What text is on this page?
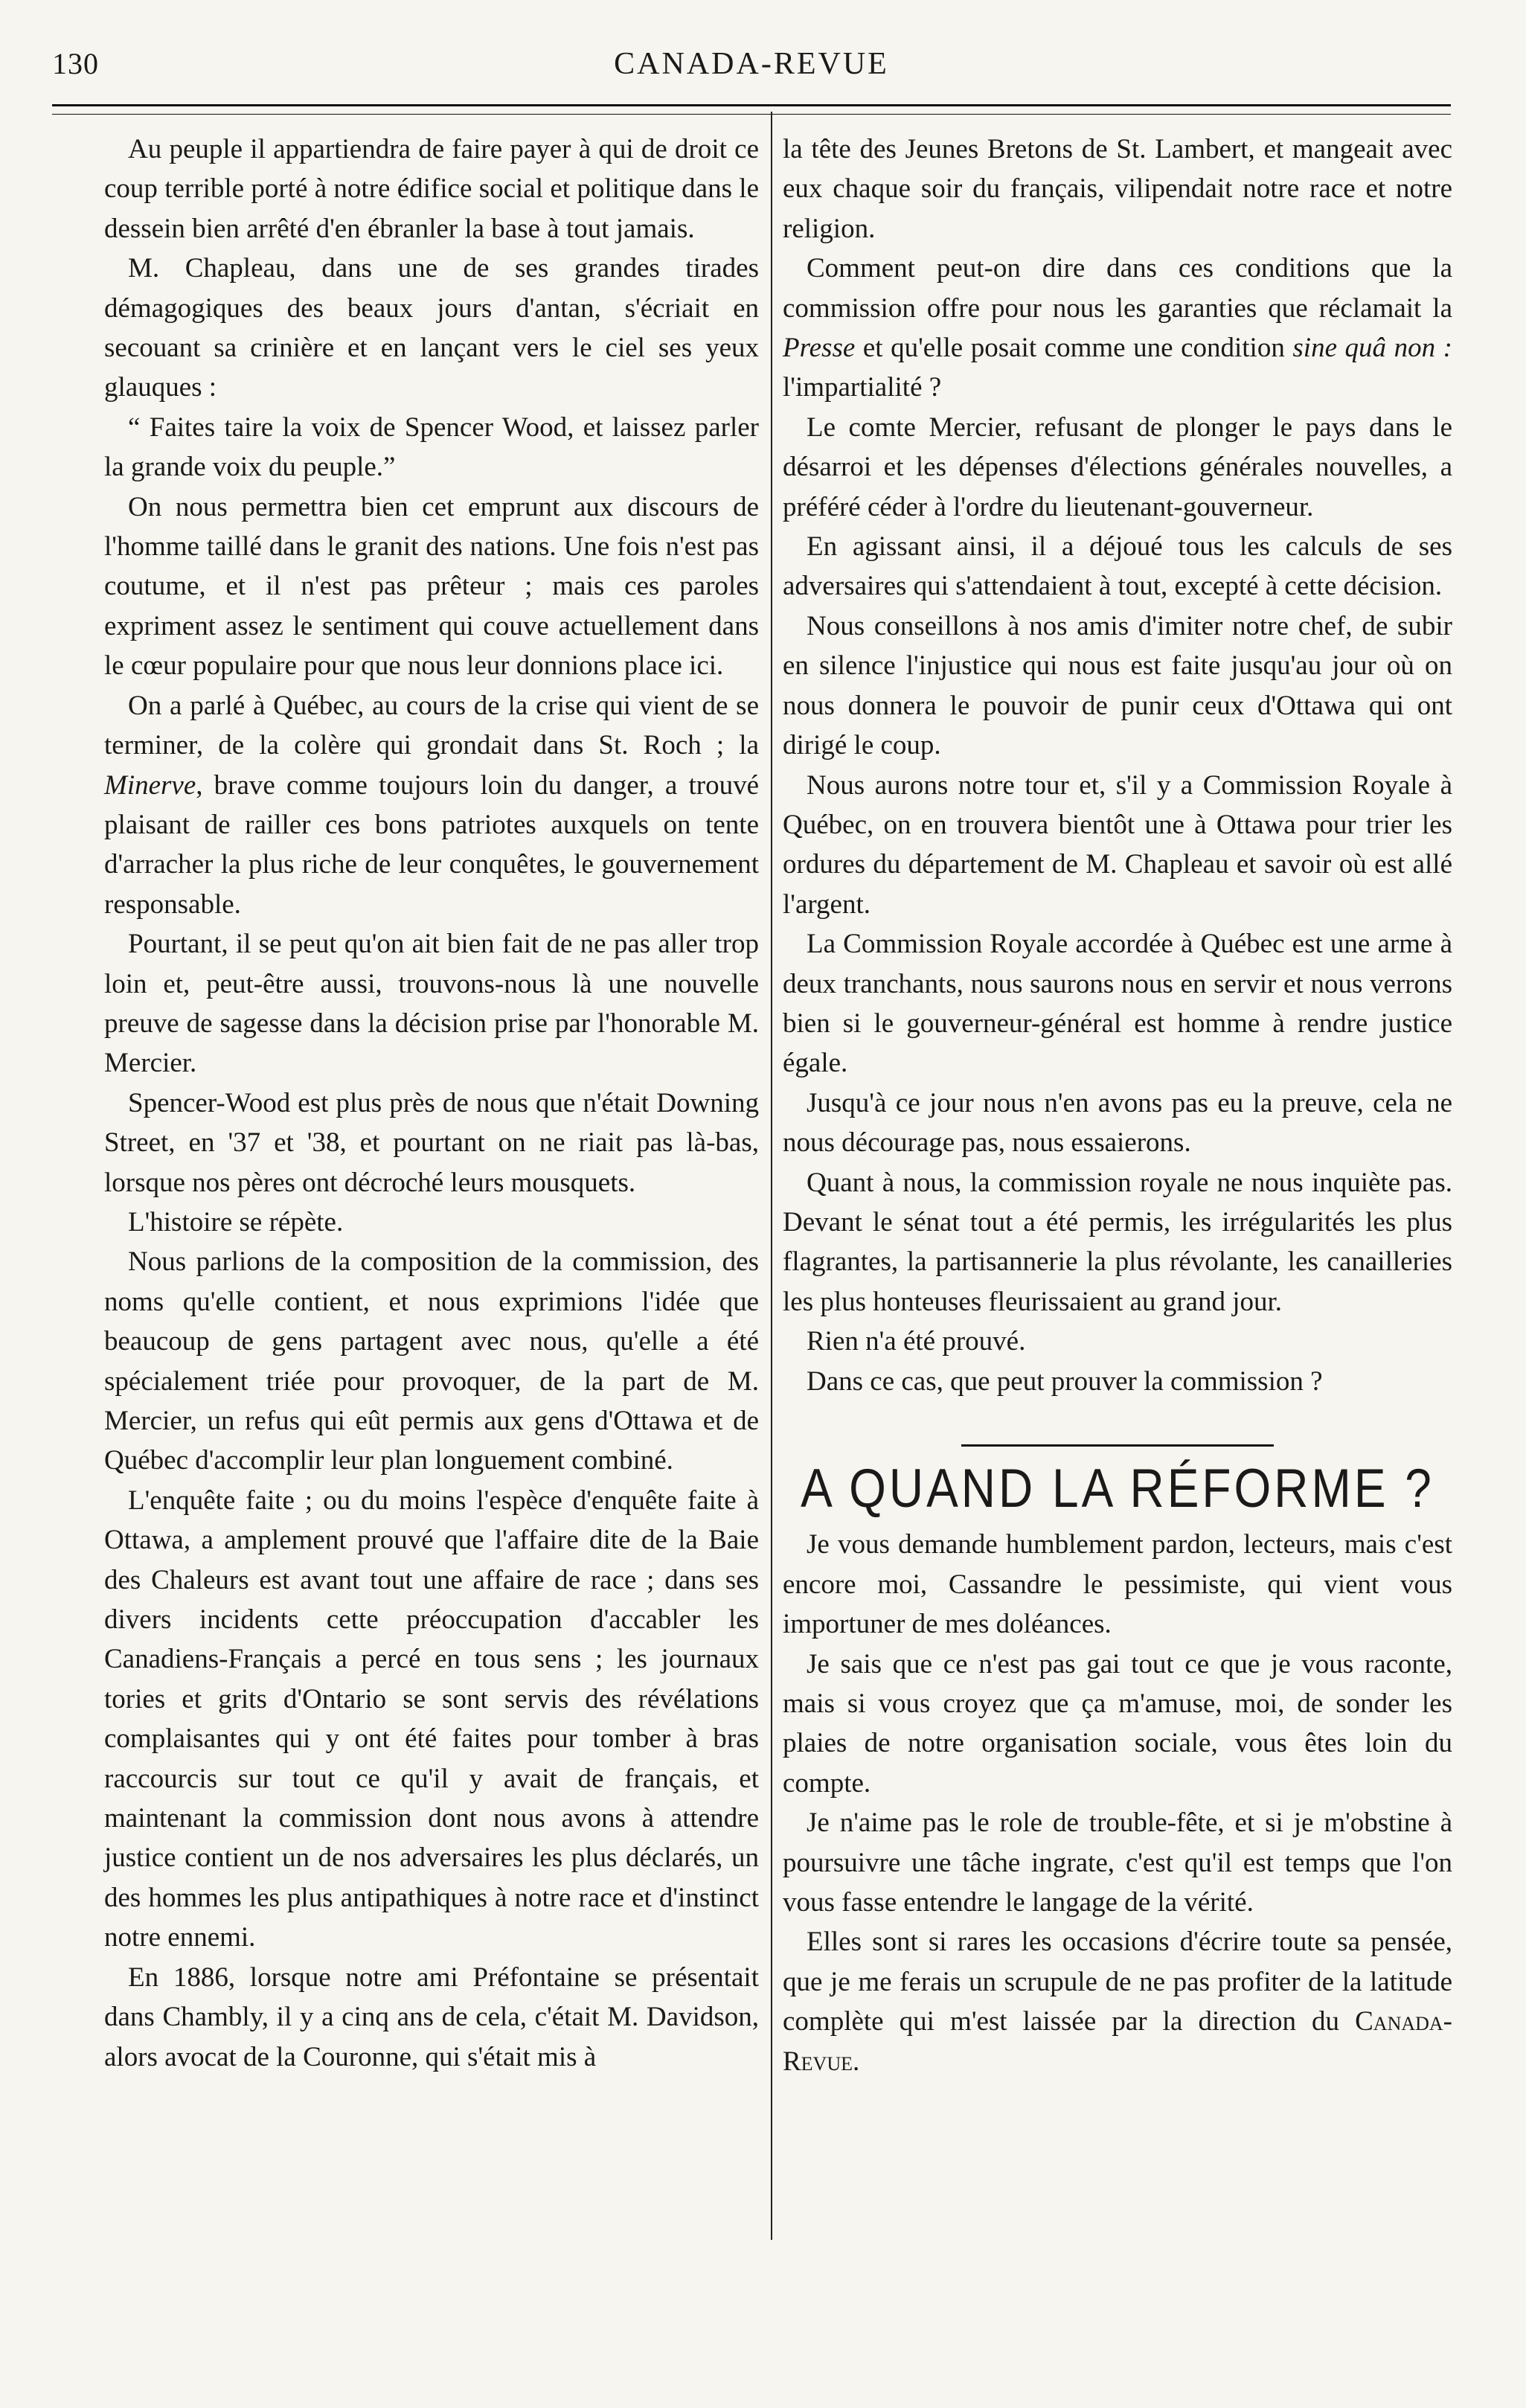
130	CANADA-REVUE

Au peuple il appartiendra de faire payer à qui de droit ce coup terrible porté à notre édifice social et politique dans le dessein bien arrêté d'en ébranler la base à tout jamais.

M. Chapleau, dans une de ses grandes tirades démagogiques des beaux jours d'antan, s'écriait en secouant sa crinière et en lançant vers le ciel ses yeux glauques :

“ Faites taire la voix de Spencer Wood, et laissez parler la grande voix du peuple.”

On nous permettra bien cet emprunt aux discours de l'homme taillé dans le granit des nations. Une fois n'est pas coutume, et il n'est pas prêteur ; mais ces paroles expriment assez le sentiment qui couve actuellement dans le cœur populaire pour que nous leur donnions place ici.

On a parlé à Québec, au cours de la crise qui vient de se terminer, de la colère qui grondait dans St. Roch ; la Minerve, brave comme toujours loin du danger, a trouvé plaisant de railler ces bons patriotes auxquels on tente d'arracher la plus riche de leur conquêtes, le gouvernement responsable.

Pourtant, il se peut qu'on ait bien fait de ne pas aller trop loin et, peut-être aussi, trouvons-nous là une nouvelle preuve de sagesse dans la décision prise par l'honorable M. Mercier.

Spencer-Wood est plus près de nous que n'était Downing Street, en '37 et '38, et pourtant on ne riait pas là-bas, lorsque nos pères ont décroché leurs mousquets.

L'histoire se répète.

Nous parlions de la composition de la commission, des noms qu'elle contient, et nous exprimions l'idée que beaucoup de gens partagent avec nous, qu'elle a été spécialement triée pour provoquer, de la part de M. Mercier, un refus qui eût permis aux gens d'Ottawa et de Québec d'accomplir leur plan longuement combiné.

L'enquête faite ; ou du moins l'espèce d'enquête faite à Ottawa, a amplement prouvé que l'affaire dite de la Baie des Chaleurs est avant tout une affaire de race ; dans ses divers incidents cette préoccupation d'accabler les Canadiens-Français a percé en tous sens ; les journaux tories et grits d'Ontario se sont servis des révélations complaisantes qui y ont été faites pour tomber à bras raccourcis sur tout ce qu'il y avait de français, et maintenant la commission dont nous avons à attendre justice contient un de nos adversaires les plus déclarés, un des hommes les plus antipathiques à notre race et d'instinct notre ennemi.

En 1886, lorsque notre ami Préfontaine se présentait dans Chambly, il y a cinq ans de cela, c'était M. Davidson, alors avocat de la Couronne, qui s'était mis à

la tête des Jeunes Bretons de St. Lambert, et mangeait avec eux chaque soir du français, vilipendait notre race et notre religion.

Comment peut-on dire dans ces conditions que la commission offre pour nous les garanties que réclamait la Presse et qu'elle posait comme une condition sine quâ non : l'impartialité ?

Le comte Mercier, refusant de plonger le pays dans le désarroi et les dépenses d'élections générales nouvelles, a préféré céder à l'ordre du lieutenant-gouverneur.

En agissant ainsi, il a déjoué tous les calculs de ses adversaires qui s'attendaient à tout, excepté à cette décision.

Nous conseillons à nos amis d'imiter notre chef, de subir en silence l'injustice qui nous est faite jusqu'au jour où on nous donnera le pouvoir de punir ceux d'Ottawa qui ont dirigé le coup.

Nous aurons notre tour et, s'il y a Commission Royale à Québec, on en trouvera bientôt une à Ottawa pour trier les ordures du département de M. Chapleau et savoir où est allé l'argent.

La Commission Royale accordée à Québec est une arme à deux tranchants, nous saurons nous en servir et nous verrons bien si le gouverneur-général est homme à rendre justice égale.

Jusqu'à ce jour nous n'en avons pas eu la preuve, cela ne nous décourage pas, nous essaierons.

Quant à nous, la commission royale ne nous inquiète pas. Devant le sénat tout a été permis, les irrégularités les plus flagrantes, la partisannerie la plus révolante, les canailleries les plus honteuses fleurissaient au grand jour.

Rien n'a été prouvé.

Dans ce cas, que peut prouver la commission ?

A QUAND LA RÉFORME ?

Je vous demande humblement pardon, lecteurs, mais c'est encore moi, Cassandre le pessimiste, qui vient vous importuner de mes doléances.

Je sais que ce n'est pas gai tout ce que je vous raconte, mais si vous croyez que ça m'amuse, moi, de sonder les plaies de notre organisation sociale, vous êtes loin du compte.

Je n'aime pas le role de trouble-fête, et si je m'obstine à poursuivre une tâche ingrate, c'est qu'il est temps que l'on vous fasse entendre le langage de la vérité.

Elles sont si rares les occasions d'écrire toute sa pensée, que je me ferais un scrupule de ne pas profiter de la latitude complète qui m'est laissée par la direction du Canada-Revue.
